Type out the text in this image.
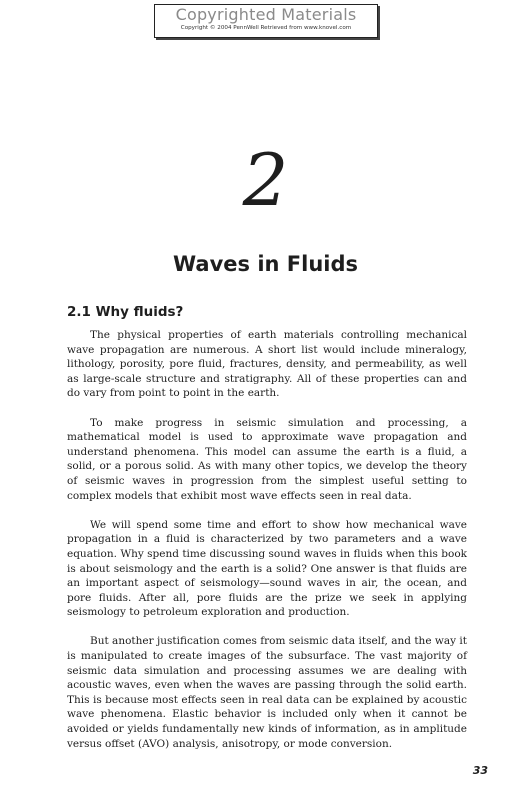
Copyrighted Materials
Copyright © 2004 PennWell Retrieved from www.knovel.com
2
Waves in Fluids
2.1 Why fluids?

The physical properties of earth materials controlling mechanical wave propagation are numerous. A short list would include mineralogy, lithology, porosity, pore fluid, fractures, density, and permeability, as well as large-scale structure and stratigraphy. All of these properties can and do vary from point to point in the earth.

To make progress in seismic simulation and processing, a mathematical model is used to approximate wave propagation and understand phenomena. This model can assume the earth is a fluid, a solid, or a porous solid. As with many other topics, we develop the theory of seismic waves in progression from the simplest useful setting to complex models that exhibit most wave effects seen in real data.

We will spend some time and effort to show how mechanical wave propagation in a fluid is characterized by two parameters and a wave equation. Why spend time discussing sound waves in fluids when this book is about seismology and the earth is a solid? One answer is that fluids are an important aspect of seismology—sound waves in air, the ocean, and pore fluids. After all, pore fluids are the prize we seek in applying seismology to petroleum exploration and production.

But another justification comes from seismic data itself, and the way it is manipulated to create images of the subsurface. The vast majority of seismic data simulation and processing assumes we are dealing with acoustic waves, even when the waves are passing through the solid earth. This is because most effects seen in real data can be explained by acoustic wave phenomena. Elastic behavior is included only when it cannot be avoided or yields fundamentally new kinds of information, as in amplitude versus offset (AVO) analysis, anisotropy, or mode conversion.

33
